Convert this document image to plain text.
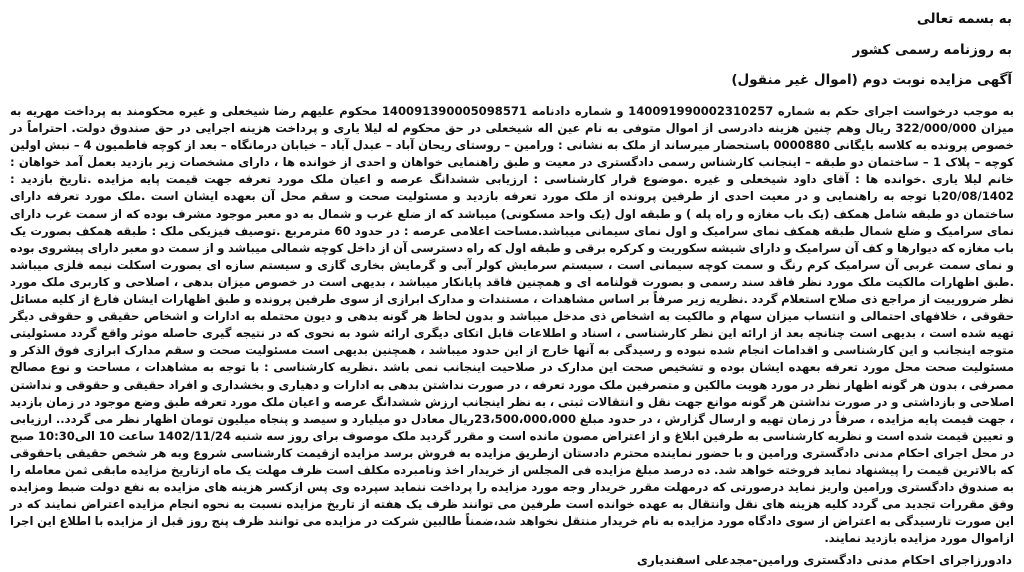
به بسمه تعالی
به روزنامه رسمی کشور
آگهی مزایده نوبت دوم (اموال غیر منقول)
به موجب درخواست اجرای حکم به شماره 140091990002310257 و شماره دادنامه 140091390005098571 محکوم علیهم رضا شیخعلی و غیره محکومند به پرداخت مهریه به میزان 322/000/000 ریال وهم چنین هزینه دادرسی از اموال متوفی به نام عین اله شیخعلی در حق محکوم له لیلا یاری و پرداخت هزینه اجرایی در حق صندوق دولت. احتراماً در خصوص پرونده به کلاسه بایگانی 0000880 باستحضار میرساند از ملک به نشانی : ورامین – روستای ریحان آباد – عبدل آباد – خیابان درمانگاه – بعد از کوچه فاطمیون 4 – نبش اولین کوچه – پلاک 1 – ساختمان دو طبقه – اینجانب کارشناس رسمی دادگستری در معیت و طبق راهنمایی خواهان و احدی از خوانده ها ، دارای مشخصات زیر بازدید بعمل آمد خواهان : خانم لیلا یاری .خوانده ها : آقای داود شیخعلی و غیره .موضوع قرار کارشناسی : ارزیابی ششدانگ عرصه و اعیان ملک مورد تعرفه جهت قیمت پایه مزایده .تاریخ بازدید : 20/08/1402با توجه به راهنمایی و در معیت احدی از طرفین پرونده از ملک مورد تعرفه بازدید و مسئولیت صحت و سقم محل آن بعهده ایشان است .ملک مورد تعرفه دارای ساختمان دو طبقه شامل همکف (یک باب مغازه و راه پله ) و طبقه اول (یک واحد مسکونی) میباشد که از ضلع غرب و شمال به دو معبر موجود مشرف بوده که از سمت غرب دارای نمای سرامیک و ضلع شمال طبقه همکف نمای سرامیک و اول نمای سیمانی میباشد.مساحت اعلامی عرصه : در حدود 60 مترمربع .توصیف فیزیکی ملک : طبقه همکف بصورت یک باب مغازه که دیوارها و کف آن سرامیک و دارای شیشه سکوریت و کرکره برقی و طبقه اول که راه دسترسی آن از داخل کوچه شمالی میباشد و از سمت دو معبر دارای پیشروی بوده و نمای سمت غربی آن سرامیک کرم رنگ و سمت کوچه سیمانی است ، سیستم سرمایش کولر آبی و گرمایش بخاری گازی و سیستم سازه ای بصورت اسکلت نیمه فلزی میباشد .طبق اظهارات مالکیت ملک مورد نظر فاقد سند رسمی و بصورت قولنامه ای و همچنین فاقد پایانکار میباشد ، بدیهی است در خصوص میزان بدهی ، اصلاحی و کاربری ملک مورد نظر ضرورییت از مراجع ذی صلاح استعلام گردد .نظریه زیر صرفاً بر اساس مشاهدات ، مستندات و مدارک ابرازی از سوی طرفین پرونده و طبق اظهارات ایشان فارغ از کلیه مسائل حقوقی ، خلافهای احتمالی و انتساب میزان سهام و مالکیت به اشخاص ذی مدخل میباشد و بدون لحاظ هر گونه بدهی و دیون محتمله به ادارات و اشخاص حقیقی و حقوقی دیگر تهیه شده است ، بدیهی است چنانچه بعد از ارائه این نظر کارشناسی ، اسناد و اطلاعات قابل اتکای دیگری ارائه شود به نحوی که در نتیجه گیری حاصله موثر واقع گردد مسئولیتی متوجه اینجانب و این کارشناسی و اقدامات انجام شده نبوده و رسیدگی به آنها خارج از این حدود میباشد ، همچنین بدیهی است مسئولیت صحت و سقم مدارک ابرازی فوق الذکر و مسئولیت صحت محل مورد تعرفه بعهده ایشان بوده و تشخیص صحت این مدارک در صلاحیت اینجانب نمی باشد .نظریه کارشناسی : با توجه به مشاهدات ، مساحت و نوع مصالح مصرفی ، بدون هر گونه اظهار نظر در مورد هویت مالکین و متصرفین ملک مورد تعرفه ، در صورت نداشتن بدهی به ادارات و دهیاری و بخشداری و افراد حقیقی و حقوقی و نداشتن اصلاحی و بازداشتی و در صورت نداشتن هر گونه موانع جهت نقل و انتقالات ثبتی ، به نظر اینجانب ارزش ششدانگ عرصه و اعیان ملک مورد تعرفه طبق وضع موجود در زمان بازدید ، جهت قیمت پایه مزایده ، صرفاً در زمان تهیه و ارسال گزارش ، در حدود مبلغ 23،500،000،000ریال معادل دو میلیارد و سیصد و پنجاه میلیون تومان اظهار نظر می گردد.. ارزیابی و تعیین قیمت شده است و نظریه کارشناسی به طرفین ابلاغ و از اعتراض مصون مانده است و مقرر گردید ملک موصوف برای روز سه شنبه 1402/11/24 ساعت 10 الی10:30 صبح در محل اجرای احکام مدنی دادگستری ورامین و با حضور نماینده محترم دادستان ازطریق مزایده به فروش برسد مزایده ازقیمت کارشناسی شروع وبه هر شخص حقیقی یاحقوقی که بالاترین قیمت را پیشنهاد نماید فروخته خواهد شد. ده درصد مبلغ مزایده فی المجلس از خریدار اخذ ونامبرده مکلف است ظرف مهلت یک ماه ازتاریخ مزایده مابقی ثمن معامله را به صندوق دادگستری ورامین واریز نماید درصورتی که درمهلت مقرر خریدار وجه مورد مزایده را پرداخت ننماید سپرده وی پس ازکسر هزینه های مزایده به نفع دولت ضبط ومزایده وفق مقررات تجدید می گردد کلیه هزینه های نقل وانتقال به عهده خوانده است طرفین می توانند ظرف یک هفته از تاریخ مزایده نسبت به نحوه انجام مزایده اعتراض نمایند که در این صورت تارسیدگی به اعتراض از سوی دادگاه مورد مزایده به نام خریدار منتقل نخواهد شد،ضمناً طالبین شرکت در مزایده می توانند ظرف پنج روز قبل از مزایده با اطلاع این اجرا ازاموال مورد مزایده بازدید نمایند.
دادورزاجرای احکام مدنی دادگستری ورامین-مجدعلی اسفندیاری
